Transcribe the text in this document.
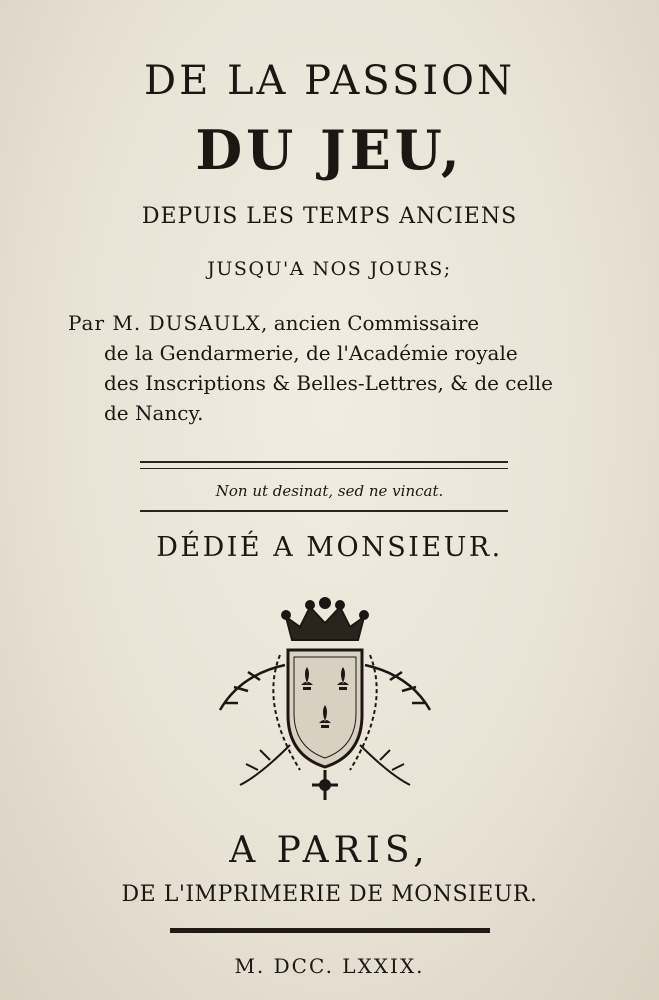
DE LA PASSION
DU JEU,
DEPUIS LES TEMPS ANCIENS
JUSQU'A NOS JOURS;
Par M. DUSAULX, ancien Commissaire
de la Gendarmerie, de l'Académie royale
des Inscriptions & Belles-Lettres, & de celle
de Nancy.
Non ut desinat, sed ne vincat.
DÉDIÉ A MONSIEUR.
A PARIS,
DE L'IMPRIMERIE DE MONSIEUR.
M. DCC. LXXIX.
